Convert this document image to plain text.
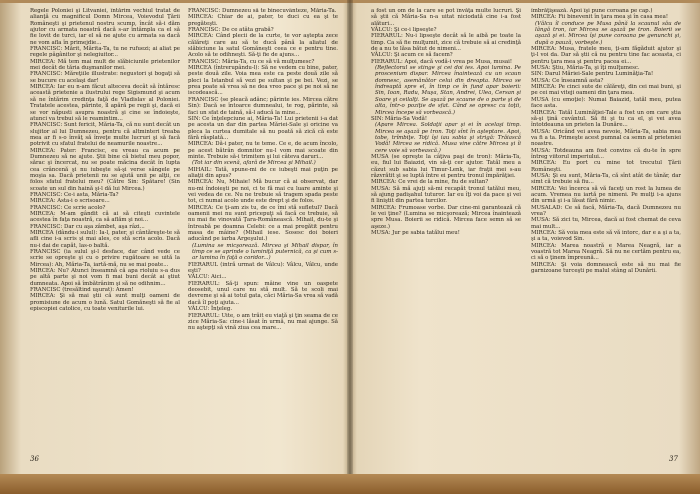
Regele Poloniei şi Litvaniei, întărim vechiul tratat de alianţă cu magnificul Domn Mircea, Voievodul Ţării Româneşti şi prietenul nostru scump, încât să-i dăm ajutor cu armata noastră dacă s-ar întâmpla ca el să fie lovit de turci, iar el să ne ajute cu armata sa dacă ne vom afla în primejdie...

FRANCISC: Mărit, Mărita-Ta, tu ne rufuezi; ai aliat pe regele pâgânitor şi nelegiuitor...

MIRCEA: Mă tem mai mult de slăbiciunile prietenilor mei decât de tăria duşmanilor mei.

FRANCISC: Măreţiile illustrate: negustori şi bogaţi să se bucure cu acelaşi dar!

MIRCEA: Iar eu n-am făcut alteceva decât să întăresc această prietenie a ilustrului rege Sigismund şi acum să ne întărim credinţa faţă de Vladislav al Poloniei. Tratatele acestea, părinte, îl apără pe regii şi, dacă ei se vor năpusti asupra noastră şi cine se îndoieşte, atunci va trebui să le reamintim...

FRANCISC: Sunt fericit, Măria-Ta, că nu sunt decât un slujitor al lui Dumnezeu, pentru că altminteri treaba mea ar fi s-o învăţ să înveţe multe lucruri şi să facă potrivit cu sfatul fratelui de neamurile noastre...

MIRCEA: Pater: Francisc, eu vreau ca acum pe Dumnezeu să ne ajute. Ştii bine că bietul meu popor, sărac şi încercat, nu se poate măcina decât în lupta cea crâncenă şi nu iubeşte să-şi verse sângele pe moşia sa. Dacă prietenii nu se ajută unii pe alţii, ce folos sfatul fratelui meu? (Către Sin: Spătare! (Sin scoate un sul din haină şi-l dă lui Mircea.)

FRANCISC: Ce-i asta, Măria-Ta?

MIRCEA: Asta-i o scrisoare...

FRANCISC: Ce scrie acolo?

MIRCEA: M-am gândit că ai să citeşti cuvintele acestea în faţa noastră, ca să aflăm şi noi...

FRANCISC: Dar cu aşa zâmbet, aşa râzi...

MIRCEA (dându-i sulul): Ia-l, pater, şi cântăreşte-te să afli cine i-a scris şi mai ales, ce stă scris acolo. Dacă nu-i dai de capăt, las-o baltă.

FRANCISC (ia sulul şi-l desface, dar când vede ce scrie se opreşte şi cu o privire rugătoare se uită la Mircea): Ah, Măria-Ta, iartă-mă, nu se mai poate...

MIRCEA: Nu? Atunci înseamnă că apa rioluiu s-a dus pe altă parte şi noi vom fi mai buni decât ai ştiut dumneata. Apoi să îmbătrânim şi să ne odihnim...

FRANCISC (tresăltind uşurat): Amen!

MIRCEA: Şi să mai ştii că sunt mulţi oameni de promisiune de acum o lună. Satul Gomăneşti să fie al episcopiei catolice, cu toate veniturile lui.

FRANCISC: Dumnezeu să te binecuvânteze, Măria-Ta.

MIRCEA: Chiar de ai, pater, te duci cu ea şi te pregăteşti.

FRANCISC: De ce atâta grabă?

MIRCEA: Când plecii de la curte, te vor aştepta zece călăreţi care au să te ducă până la aliatul de slăbiciune la satul Gomăneşti ceea ce e pentru tine. Acolo să te odihneşti. Să-ţi fie de ajuns...

FRANCISC: Măria-Ta, cu ce să vă mulţumesc?

MIRCEA (întrerupându-l): Să ne vedem cu bine, pater, peste două zile. Voia mea este ca peste două zile să pleci la Istanbul să vezi pe sultan şi pe bei. Vezi, se prea poate să vrea să ne dea vreo pace şi pe noi să ne iscodească...

FRANCISC (se pleacă adânc; părinte ies. Mircea către Sin): Dacă se întoarce dumnealui, te rog, părinte, să faci un sfat de taină, să-l aducă la mine...

SIN: Ce înţelepciune ai, Măria-Ta! Lui prietenii i-a dat pe acesta un dar din partea Măriei-Sale şi oricine va pleca la curtea dumitale să nu poată să zică că este fără răsplată...

MIRCEA: Dă-i pater, nu te teme. Ce e, de acum încolo, pe acest bătrân domnitor nu-l vom mai scoate din minte. Trebuie să-i trimitem şi lui câteva daruri...

(Tot iar din scenă, afară de Mircea şi Mihail.)

MIHAIL: Tată, spune-mi de ce iubeşti mai puţin pe aliaţii din apus?

MIRCEA: Nu, Mihaie! Mă bucur că ai observat, dar nu-mi îndoieşti pe noi, ci te fă mai cu luare aminte şi vei vedea de ce. Nu ne trebuie să tragem spada peste tot, ci numai acolo unde este drept şi de folos.

MIRCEA: Ce ţi-am zis tu, de ce îmi stă sufletul? Dacă oamenii mei nu sunt pricepuţi să facă ce trebuie, să nu mai fie vinovată Ţara-Românească. Mihail, du-te şi întreabă pe doamna Celebi: ce a mai pregătit pentru masa de mâine? (Mihail iese. Sosesc doi boieri aducând pe iarba Argeşului.)

(Lumina se micşorează. Mircea şi Mihail dispar, în timp ce se aprinde o luminiţă puternică, ca şi cum s-ar lumina în faţă o coridor...)

FIERARUL (intră urmat de Vâlcu): Vâlcu, Vâlcu, unde eşti?

VÂLCU: Aici...

FIERARUL: Să-ţi spun: mâine vine un oaspete deosebit, unul care nu stă mult. Să te scoli mai devreme şi să ai totul gata, căci Măria-Sa vrea să vadă dacă îl poţi ajuta...

VÂLCU: Înţeleg.

FIERARUL: Uite, o am trăit eu viaţă şi ţin seama de ce zice Măria-Sa: cine-i lăsat în urmă, nu mai ajunge. Să nu aştepţi să vină ziua cea mare...

36

a fost un om de la care se pot învăţa multe lucruri. Şi să ştii că Măria-Sa n-a uitat niciodată cine i-a fost alături...

VÂLCU: Şi ce-i lipseşte?

FIERARUL: Nu-i lipseşte decât să le aibă pe toate la timp. Ca să fie mulţumit, zice că trebuie să ai credinţă de a nu te lăsa bătut de nimeni...

VÂLCU: Şi acum ce să facem?

FIERARUL: Apoi, dacă vodă-i vrea pe Musa, musai!

(Reflectorul se stinge şi cei doi ies. Apoi lumina. Pe proscenium dispar. Mircea înaintează cu un scaun domnesc, asemănător celui din dreapta. Mircea se îndreaptă spre el, în timp ce în fund apar boierii: Sin, Ioan, Radu, Muşa, Stan, Andrei, Ulea, Cersan şi Soare şi ceilalţi. Se aşază pe scaune de o parte şi de alta, într-o poziţie de sfat. Când se opresc cu toţii, Mircea începe să vorbească.)

SIN: Măria-Sa Vodă!

(Apare Mircea. Soldaţii apar şi ei în acelaşi timp. Mircea se aşază pe tron. Toţi sînt în aşteptare. Apoi, tobe, trîmbiţe. Toţi îşi iau sabia şi strigă: Trăiască Vodă! Mircea se ridică. Musa vine către Mircea şi îi cere voie să vorbească.)

MUSA (se opreşte la câţiva paşi de tron): Măria-Ta, eu, fiul lui Baiazid, vin să-ţi cer ajutor. Tatăl meu a căzut sub sabia lui Timur-Lenk, iar fraţii mei s-au răzvrătit şi se luptă între ei pentru tronul împărăţiei.

MIRCEA: Ce vrei de la mine, fiu de sultan?

MUSA: Să mă ajuţi să-mi recapăt tronul tatălui meu, să ajung padişahul tuturor. Iar eu îţi voi da pace şi vei fi liniştit din partea turcilor.

MIRCEA: Frumoase vorbe. Dar cine-mi garantează că le vei ţine? (Lumina se micşorează; Mircea înaintează spre Musa. Boierii se ridică. Mircea face semn să se aşeze.)

MUSA: Jur pe sabia tatălui meu!

îmbrăţişează. Apoi îşi pune coroana pe cap.)

MIRCEA: Fii binevenit în ţara mea şi în casa mea!

(Vălcu îl conduce pe Musa până la scaunul său de lângă tron, iar Mircea se aşază pe tron. Boierii se aşază şi ei. Mircea îşi pune coroana pe genunchi şi, după o pauză, vorbeşte.)

MIRCEA: Musa, fratele meu, ţi-am făgăduit ajutor şi ţi-l voi da. Dar să ştii că nu pentru tine fac aceasta, ci pentru ţara mea şi pentru pacea ei...

MUSA: Ştiu, Măria-Ta, şi îţi mulţumesc.

SIN: Darul Măriei-Sale pentru Luminăţia-Ta!

MUSA: Ce înseamnă asta?

MIRCEA: Pe cinci sute de călăreţi, din cei mai buni, şi pe cei mai viteji oameni din ţara mea.

MUSA (cu emoţie): Numai Baiazid, tatăl meu, putea face asta.

MIRCEA: Tatăl Luminăţiei-Tale a fost un om care ştia să-şi ţină cuvântul. Să fii şi tu ca el, şi vei avea întotdeauna un prieten la Dunăre...

MUSA: Oricând vei avea nevoie, Măria-Ta, sabia mea va fi a ta. Primeşte acest pumnal ca semn al prieteniei noastre.

MUSA: Totdeauna am fost convins că du-te în spre întreg viitorul imperiului...

MIRCEA: Eu port cu mine tot trecutul Ţării Româneşti.

MUSA: Şi eu sunt, Măria-Ta, că sînt atât de tânăr, dar simt că trebuie să fiu...

MIRCEA: Vei încerca să vă faceţi un rost la lumea de acum. Vremea nu iartă pe nimeni. Pe mulţi i-a ajuns din urmă şi i-a lăsat fără nimic.

MUSALAD: Ce să facă, Măria-Ta, dacă Dumnezeu nu vrea?

MUSA: Să zici tu, Mircea, dacă ai fost chemat de ceva mai mult...

MIRCEA: Să voia mea este să vă intorc, dar e a şi a ta, şi a ta, voievod Sin.

MIRCEA: Marea noastră e Marea Neagră, iar a voastră tot Marea Neagră. Să nu ne certăm pentru ea, ci să o ţinem împreună...

MIRCEA: Şi voia domnească este să nu mai fie garnizoane turceşti pe malul stâng al Dunării.

37
